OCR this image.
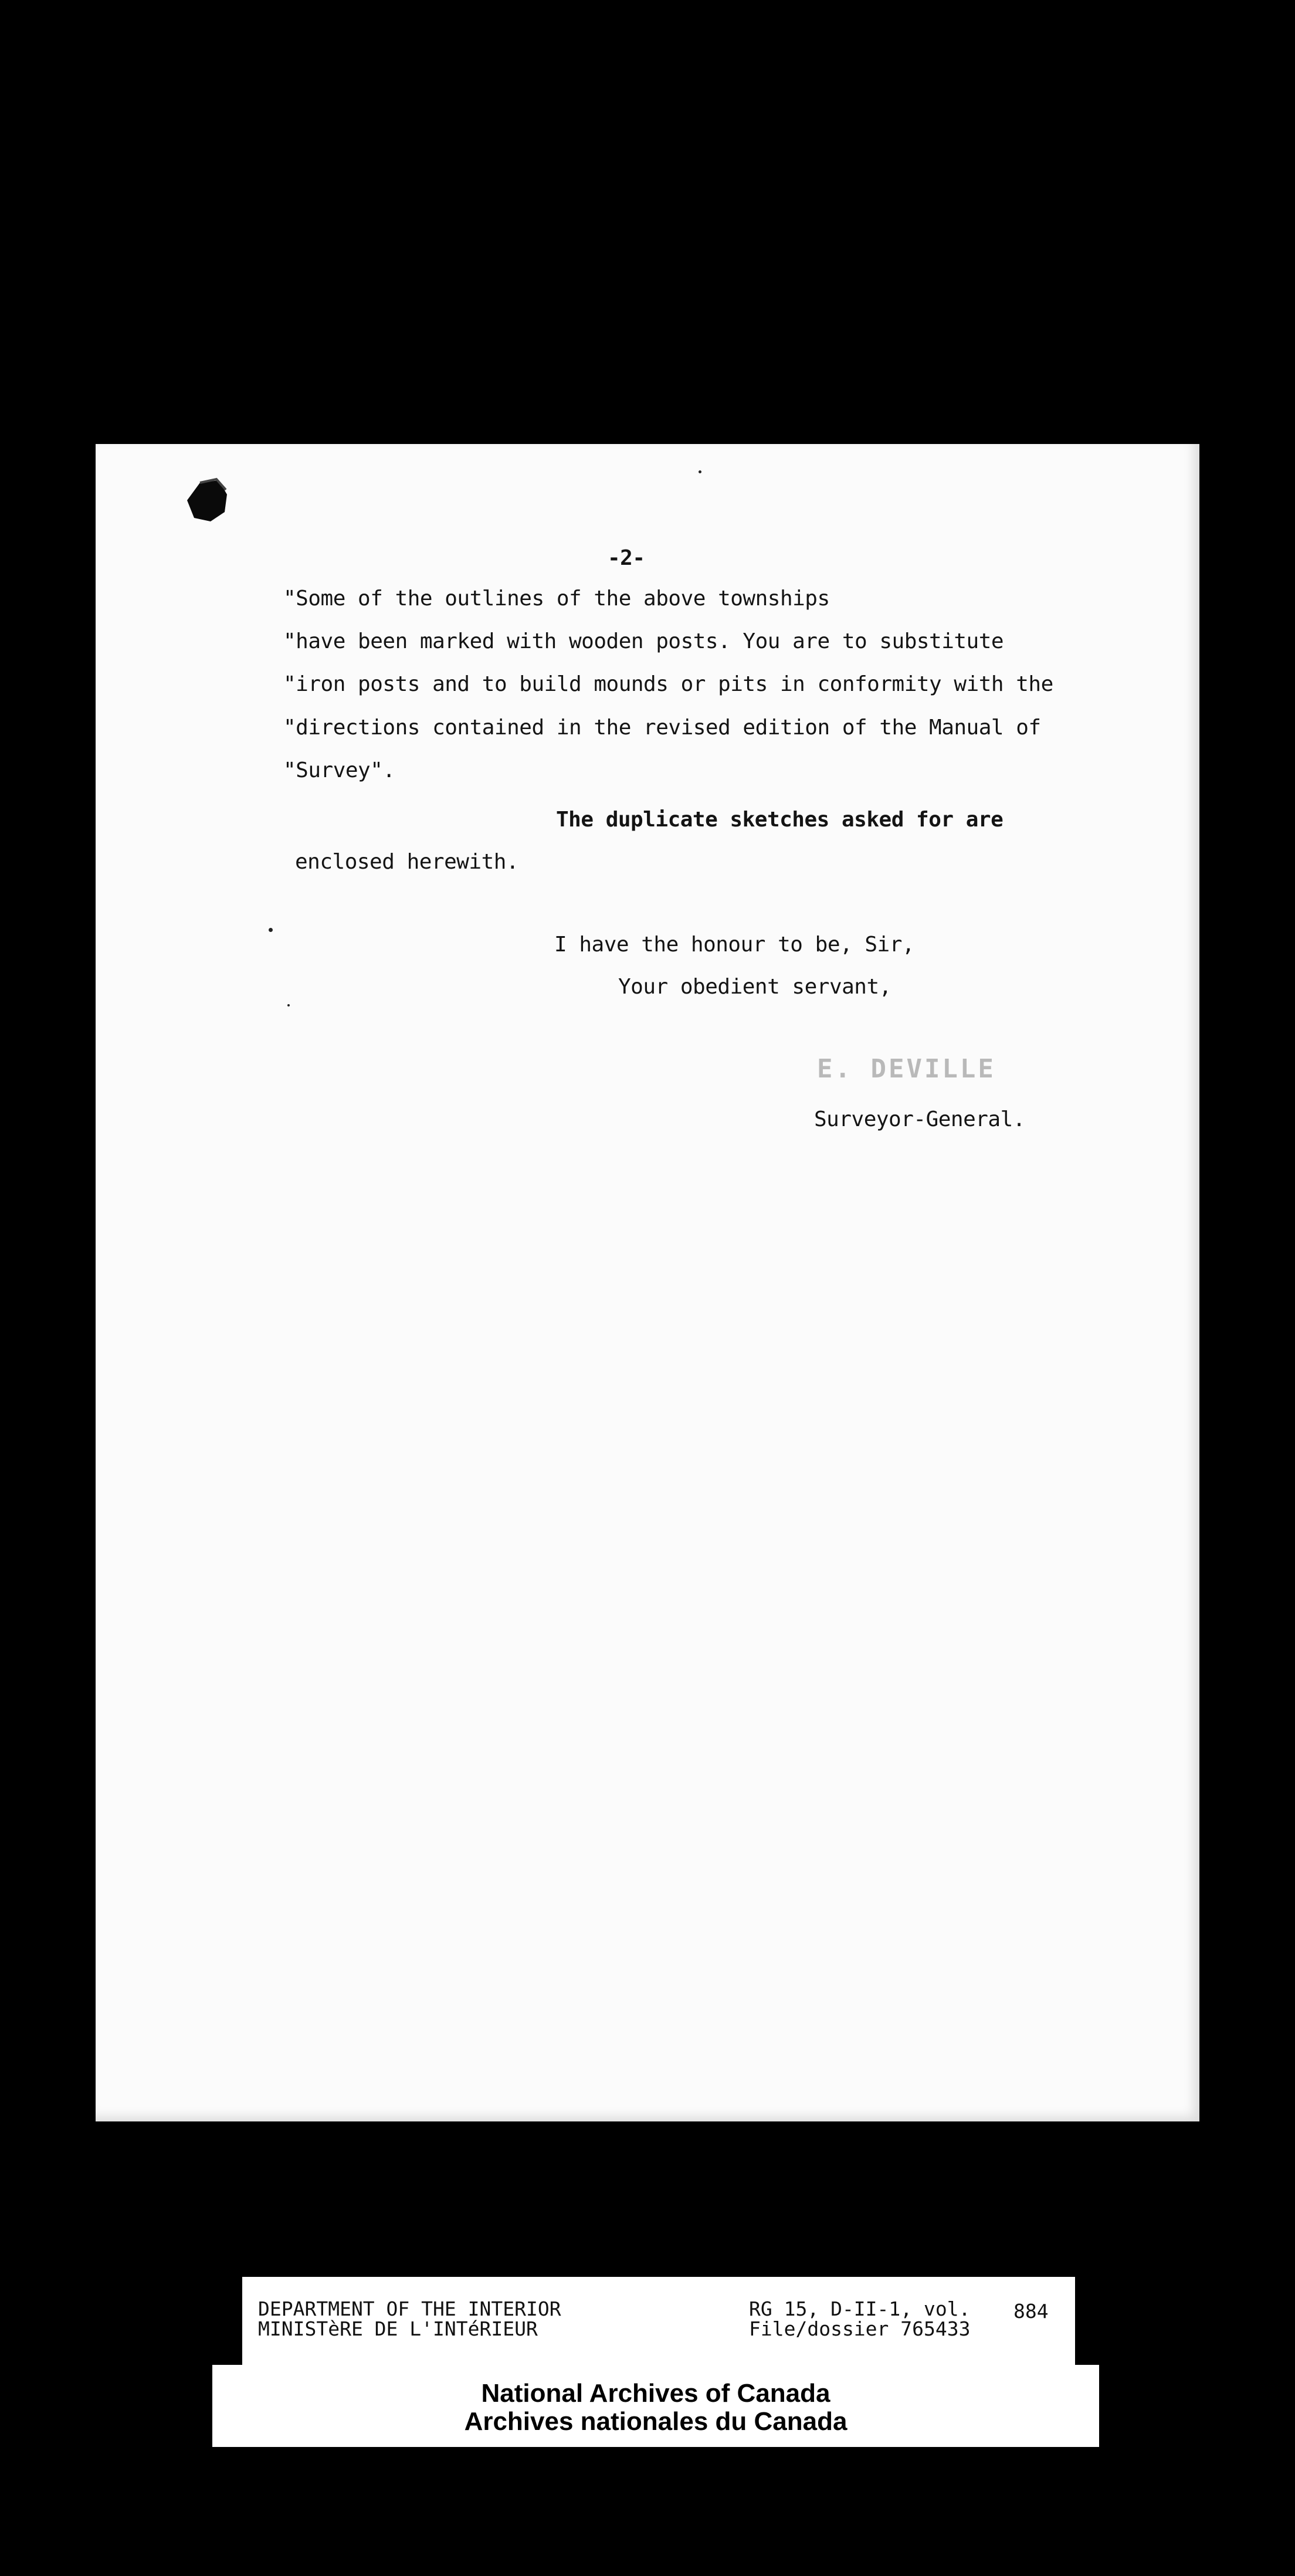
-2-
"Some of the outlines of the above townships
"have been marked with wooden posts. You are to substitute
"iron posts and to build mounds or pits in conformity with the
"directions contained in the revised edition of the Manual of
"Survey".
The duplicate sketches asked for are
enclosed herewith.
I have the honour to be, Sir,
Your obedient servant,
E. DEVILLE
Surveyor-General.
DEPARTMENT OF THE INTERIOR
MINISTèRE DE L'INTéRIEUR
RG 15, D-II-1, vol.
File/dossier 765433
884
National Archives of Canada
Archives nationales du Canada
